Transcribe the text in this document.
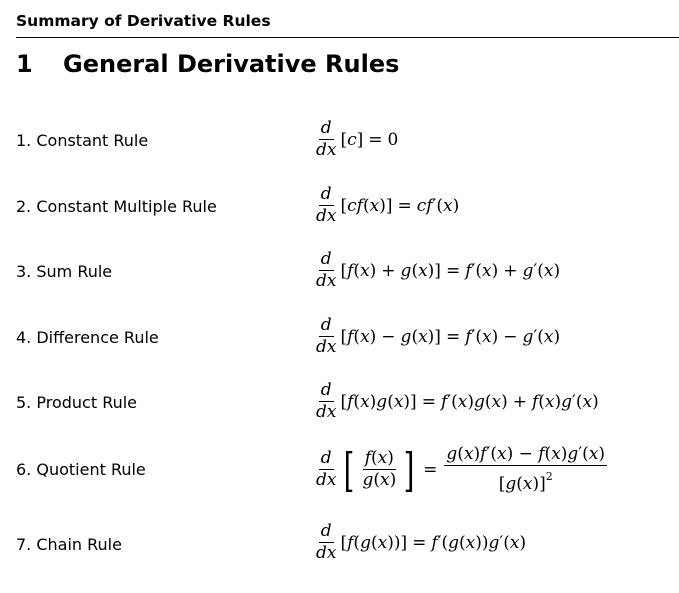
Summary of Derivative Rules
1 General Derivative Rules
1. Constant Rule	$\frac{d}{dx} [c] = 0$
2. Constant Multiple Rule	$\frac{d}{dx} [cf(x)] = cf'(x)$
3. Sum Rule	$\frac{d}{dx} [f(x) + g(x)] = f'(x) + g'(x)$
4. Difference Rule	$\frac{d}{dx} [f(x) - g(x)] = f'(x) - g'(x)$
5. Product Rule	$\frac{d}{dx} [f(x)g(x)] = f'(x)g(x) + f(x)g'(x)$
6. Quotient Rule	$\frac{d}{dx}$ [ $\frac{f(x)}{g(x)}$ ] = $\frac{g(x)f'(x) - f(x)g'(x)}{[g(x)]^2}$
7. Chain Rule	$\frac{d}{dx} [f(g(x))] = f'(g(x))g'(x)$
